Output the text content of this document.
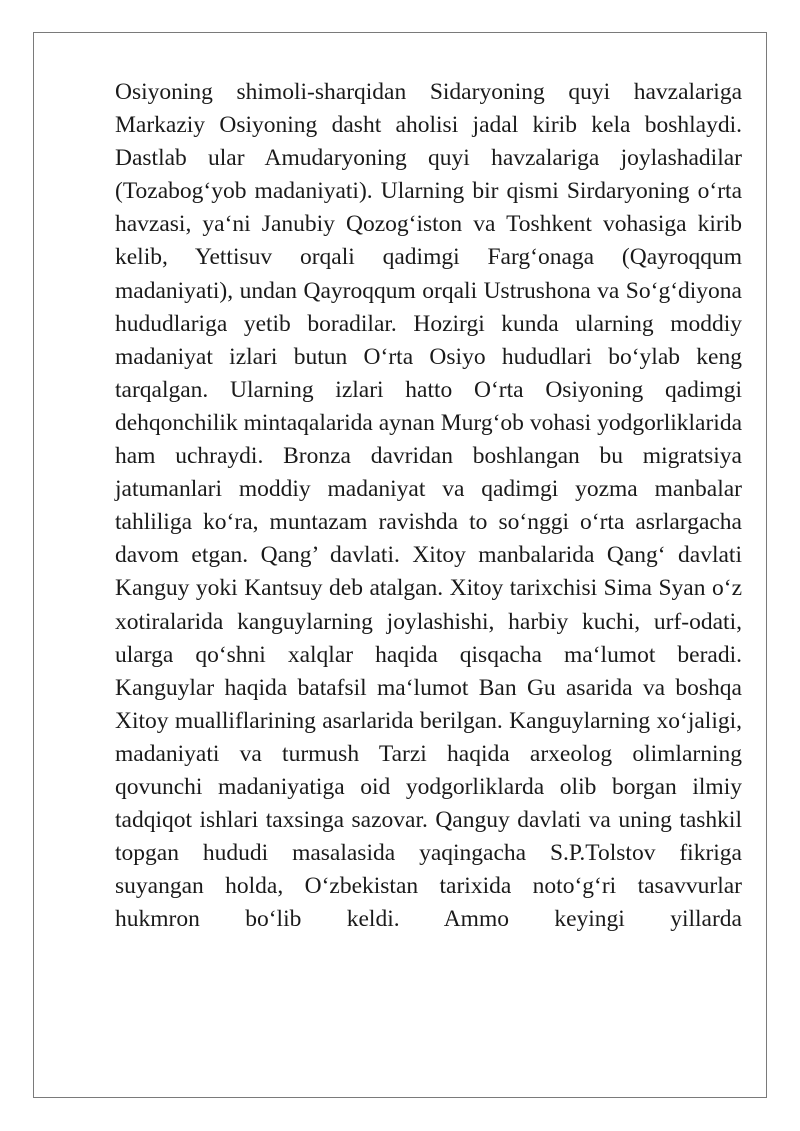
Osiyoning shimoli-sharqidan Sidaryoning quyi havzalariga Markaziy Osiyoning dasht aholisi jadal kirib kela boshlaydi. Dastlab ular Amudaryoning quyi havzalariga joylashadilar (Tozabog‘yob madaniyati). Ularning bir qismi Sirdaryoning o‘rta havzasi, ya‘ni Janubiy Qozog‘iston va Toshkent vohasiga kirib kelib, Yettisuv orqali qadimgi Farg‘onaga (Qayroqqum madaniyati), undan Qayroqqum orqali Ustrushona va So‘g‘diyona hududlariga yetib boradilar. Hozirgi kunda ularning moddiy madaniyat izlari butun O‘rta Osiyo hududlari bo‘ylab keng tarqalgan. Ularning izlari hatto O‘rta Osiyoning qadimgi dehqonchilik mintaqalarida aynan Murg‘ob vohasi yodgorliklarida ham uchraydi. Bronza davridan boshlangan bu migratsiya jatumanlari moddiy madaniyat va qadimgi yozma manbalar tahliliga ko‘ra, muntazam ravishda to so‘nggi o‘rta asrlargacha davom etgan. Qang’ davlati. Xitoy manbalarida Qang‘ davlati Kanguy yoki Kantsuy deb atalgan. Xitoy tarixchisi Sima Syan o‘z xotiralarida kanguylarning joylashishi, harbiy kuchi, urf-odati, ularga qo‘shni xalqlar haqida qisqacha ma‘lumot beradi. Kanguylar haqida batafsil ma‘lumot Ban Gu asarida va boshqa Xitoy mualliflarining asarlarida berilgan. Kanguylarning xo‘jaligi, madaniyati va turmush Tarzi haqida arxeolog olimlarning qovunchi madaniyatiga oid yodgorliklarda olib borgan ilmiy tadqiqot ishlari taxsinga sazovar. Qanguy davlati va uning tashkil topgan hududi masalasida yaqingacha S.P.Tolstov fikriga suyangan holda, O‘zbekistan tarixida noto‘g‘ri tasavvurlar hukmron bo‘lib keldi. Ammo keyingi yillarda
